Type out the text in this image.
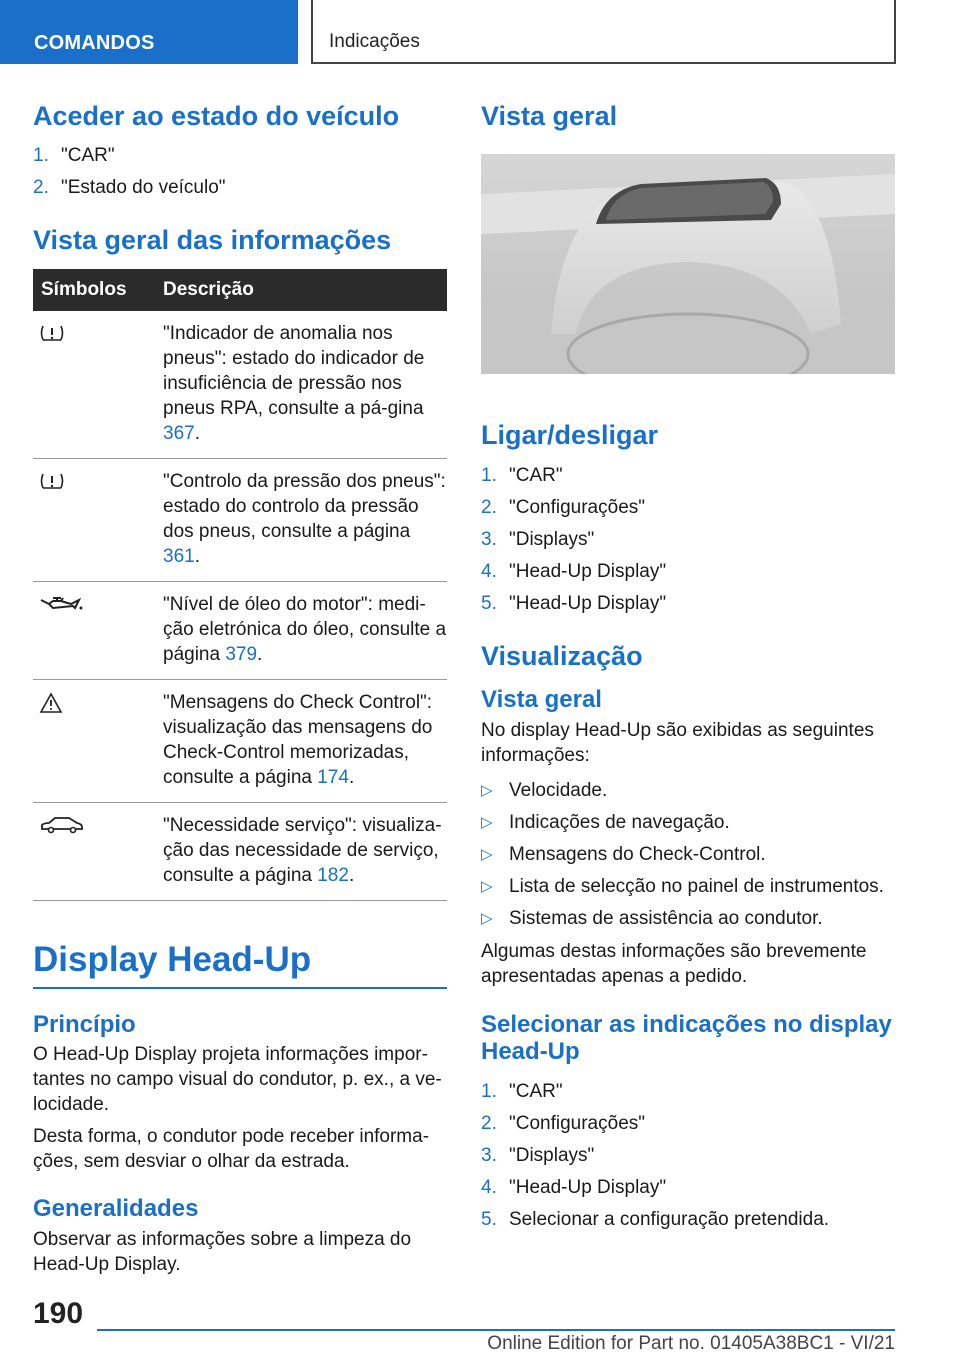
COMANDOS	Indicações
Aceder ao estado do veículo
1. "CAR"
2. "Estado do veículo"
Vista geral das informações
Símbolos	Descrição
"Indicador de anomalia nos pneus": estado do indicador de insuficiência de pressão nos pneus RPA, consulte a pá-gina 367.
"Controlo da pressão dos pneus": estado do controlo da pressão dos pneus, consulte a página 361.
"Nível de óleo do motor": medi-ção eletrónica do óleo, consulte a página 379.
"Mensagens do Check Control": visualização das mensagens do Check-Control memorizadas, consulte a página 174.
"Necessidade serviço": visualiza-ção das necessidade de serviço, consulte a página 182.
Display Head-Up
Princípio

O Head-Up Display projeta informações impor-tantes no campo visual do condutor, p. ex., a ve-locidade.

Desta forma, o condutor pode receber informa-ções, sem desviar o olhar da estrada.

Generalidades

Observar as informações sobre a limpeza do Head-Up Display.

Vista geral
Ligar/desligar
1. "CAR"
2. "Configurações"
3. "Displays"
4. "Head-Up Display"
5. "Head-Up Display"
Visualização
Vista geral

No display Head-Up são exibidas as seguintes informações:

▷ Velocidade.
▷ Indicações de navegação.
▷ Mensagens do Check-Control.
▷ Lista de selecção no painel de instrumentos.
▷ Sistemas de assistência ao condutor.

Algumas destas informações são brevemente apresentadas apenas a pedido.

Selecionar as indicações no display Head-Up
1. "CAR"
2. "Configurações"
3. "Displays"
4. "Head-Up Display"
5. Selecionar a configuração pretendida.
190
Online Edition for Part no. 01405A38BC1 - VI/21
